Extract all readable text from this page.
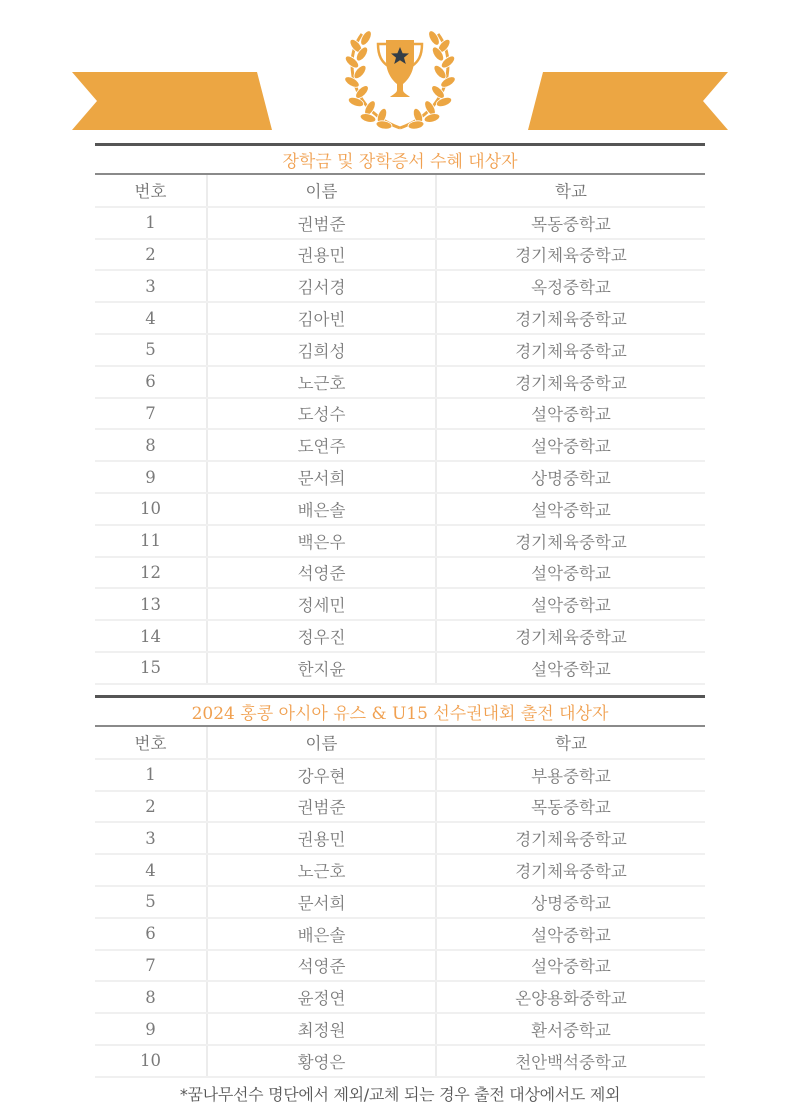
장학금 및 장학증서 수혜 대상자
번호	이름	학교
1	권범준	목동중학교
2	권용민	경기체육중학교
3	김서경	옥정중학교
4	김아빈	경기체육중학교
5	김희성	경기체육중학교
6	노근호	경기체육중학교
7	도성수	설악중학교
8	도연주	설악중학교
9	문서희	상명중학교
10	배은솔	설악중학교
11	백은우	경기체육중학교
12	석영준	설악중학교
13	정세민	설악중학교
14	정우진	경기체육중학교
15	한지윤	설악중학교
2024 홍콩 아시아 유스 & U15 선수권대회 출전 대상자
번호	이름	학교
1	강우현	부용중학교
2	권범준	목동중학교
3	권용민	경기체육중학교
4	노근호	경기체육중학교
5	문서희	상명중학교
6	배은솔	설악중학교
7	석영준	설악중학교
8	윤정연	온양용화중학교
9	최정원	환서중학교
10	황영은	천안백석중학교
*꿈나무선수 명단에서 제외/교체 되는 경우 출전 대상에서도 제외
